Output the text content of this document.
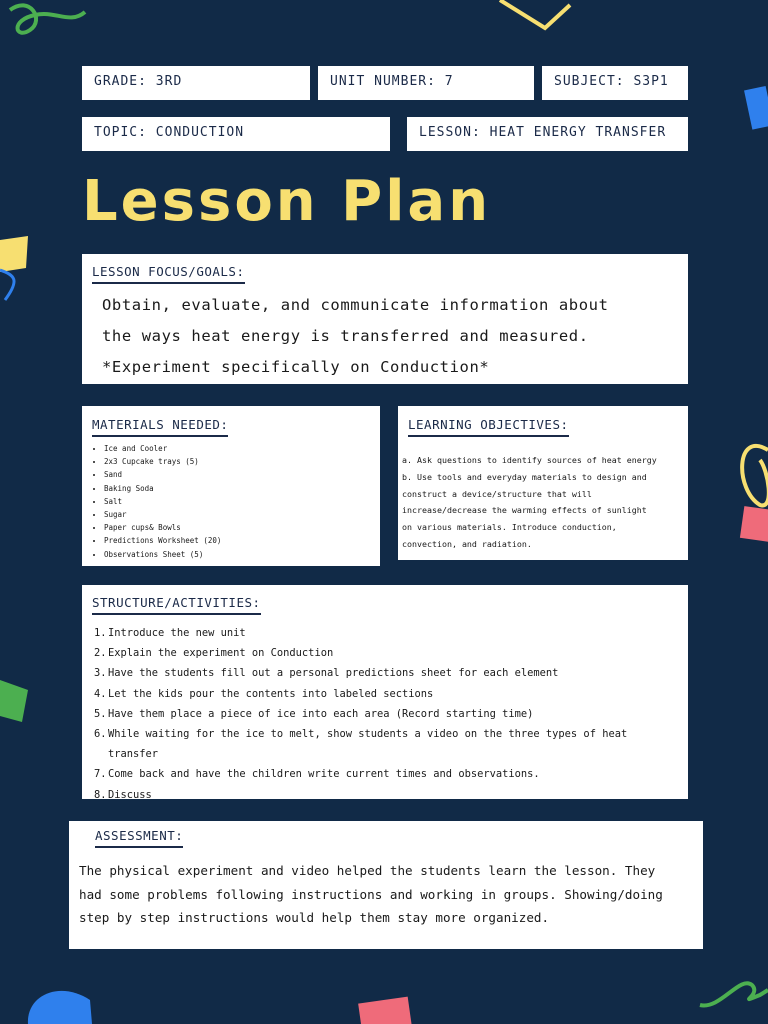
GRADE: 3RD	UNIT NUMBER: 7	SUBJECT: S3P1
TOPIC: CONDUCTION	LESSON: HEAT ENERGY TRANSFER
Lesson Plan
LESSON FOCUS/GOALS:
Obtain, evaluate, and communicate information about
the ways heat energy is transferred and measured.
*Experiment specifically on Conduction*
MATERIALS NEEDED:
• Ice and Cooler
• 2x3 Cupcake trays (5)
• Sand
• Baking Soda
• Salt
• Sugar
• Paper cups& Bowls
• Predictions Worksheet (20)
• Observations Sheet (5)
LEARNING OBJECTIVES:
a. Ask questions to identify sources of heat energy
b. Use tools and everyday materials to design and
construct a device/structure that will
increase/decrease the warming effects of sunlight
on various materials. Introduce conduction,
convection, and radiation.
STRUCTURE/ACTIVITIES:
1.Introduce the new unit
2.Explain the experiment on Conduction
3.Have the students fill out a personal predictions sheet for each element
4.Let the kids pour the contents into labeled sections
5.Have them place a piece of ice into each area (Record starting time)
6.While waiting for the ice to melt, show students a video on the three types of heat
transfer
7.Come back and have the children write current times and observations.
8.Discuss
ASSESSMENT:
The physical experiment and video helped the students learn the lesson. They
had some problems following instructions and working in groups. Showing/doing
step by step instructions would help them stay more organized.
